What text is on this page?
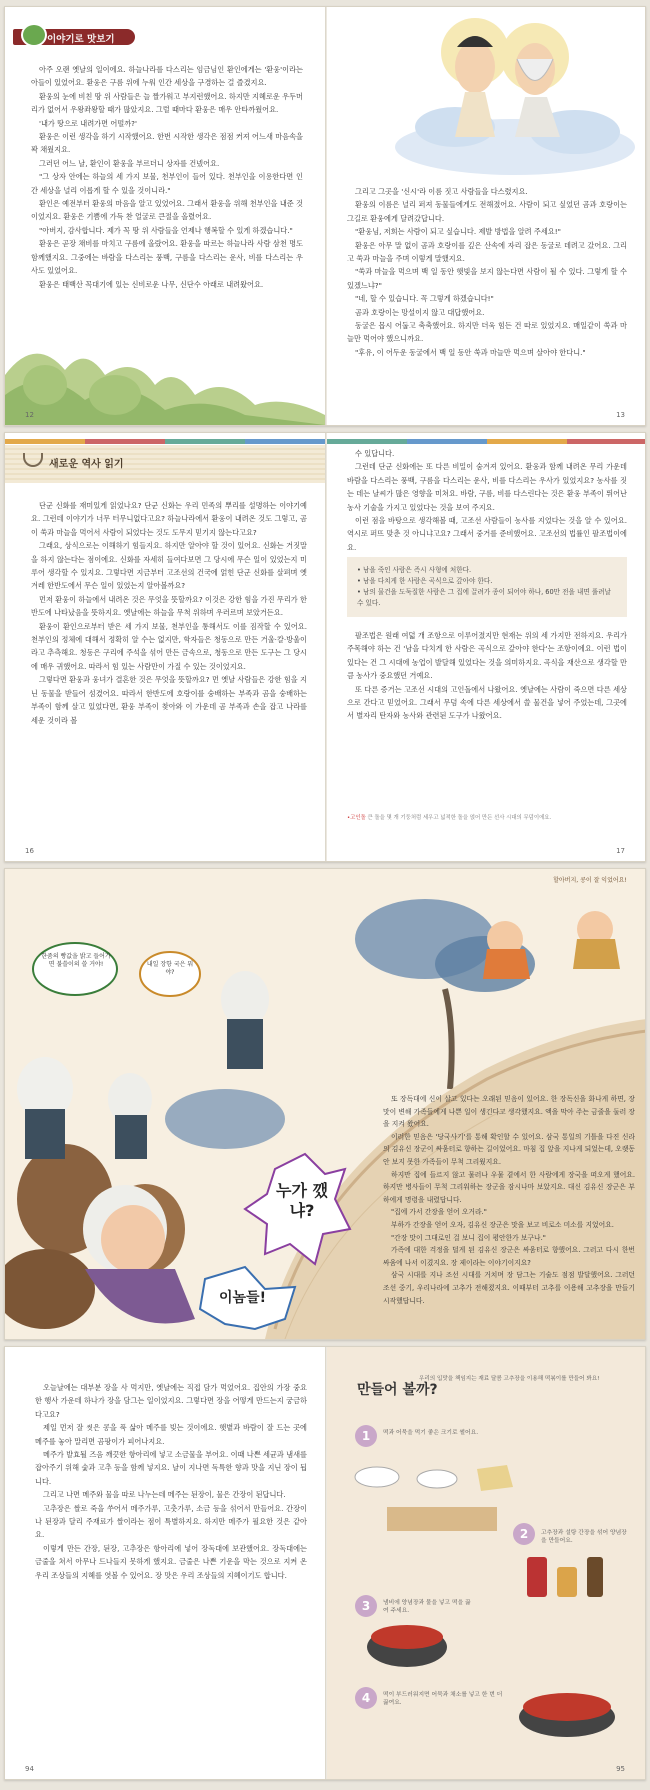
이야기로 맛보기

아주 오랜 옛날의 일이에요. 하늘나라를 다스리는 임금님인 환인에게는 '환웅'이라는 아들이 있었어요. 환웅은 구름 위에 누워 인간 세상을 구경하는 걸 즐겼지요.

환웅의 눈에 비친 땅 위 사람들은 늘 짤가워고 부지런했어요. 하지만 지혜로운 우두머리가 없어서 우왕좌왕할 때가 많았지요. 그럴 때마다 환웅은 매우 안타까웠어요.

'내가 땅으로 내려가면 어떨까?'

환웅은 이런 생각을 하기 시작했어요. 한번 시작한 생각은 점점 커져 어느새 마음속을 꽉 채웠지요.

그러던 어느 날, 환인이 환웅을 부르더니 상자를 건넸어요.

"그 상자 안에는 하늘의 세 가지 보물, 천부인이 들어 있다. 천부인을 이용한다면 인간 세상을 널리 이롭게 할 수 있을 것이니라."

환인은 예전부터 환웅의 마음을 알고 있었어요. 그래서 환웅을 위해 천부인을 내준 것이었지요. 환웅은 기쁨에 가득 찬 얼굴로 큰절을 올렸어요.

"아버지, 감사합니다. 제가 꼭 땅 위 사람들을 언제나 행복할 수 있게 하겠습니다."

환웅은 곧장 채비를 마치고 구름에 올랐어요. 환웅을 따르는 하늘나라 사람 삼천 명도 함께했지요. 그중에는 바람을 다스리는 풍백, 구름을 다스리는 운사, 비를 다스리는 우사도 있었어요.

환웅은 태백산 꼭대기에 있는 신비로운 나무, 신단수 아래로 내려왔어요.

그리고 그곳을 '신시'라 이름 짓고 사람들을 다스렸지요.

환웅의 이름은 널리 퍼져 동물들에게도 전해졌어요. 사람이 되고 싶었던 곰과 호랑이는 그길로 환웅에게 달려갔답니다.

"환웅님, 저희는 사람이 되고 싶습니다. 제발 방법을 알려 주세요!"

환웅은 아무 말 없이 곰과 호랑이를 깊은 산속에 자리 잡은 동굴로 데려고 갔어요. 그리고 쑥과 마늘을 주며 이렇게 말했지요.

"쑥과 마늘을 먹으며 백 일 동안 햇빛을 보지 않는다면 사람이 될 수 있다. 그렇게 할 수 있겠느냐?"

"네, 할 수 있습니다. 꼭 그렇게 하겠습니다!"

곰과 호랑이는 망설이지 않고 대답했어요.

동굴은 몹시 어둡고 축축했어요. 하지만 더욱 힘든 건 따로 있었지요. 매일같이 쑥과 마늘만 먹어야 했으니까요.

"후유, 이 어두운 동굴에서 백 일 동안 쑥과 마늘만 먹으며 살아야 한다니."

12	13
새로운 역사 읽기

단군 신화를 재미있게 읽었나요? 단군 신화는 우리 민족의 뿌리를 설명하는 이야기예요. 그런데 이야기가 너무 터무니없다고요? 하늘나라에서 환웅이 내려온 것도 그렇고, 곰이 쑥과 마늘을 먹어서 사람이 되었다는 것도 도무지 믿기지 않는다고요?

그래요, 상식으로는 이해하기 힘들지요. 하지만 알아야 할 것이 있어요. 신화는 거짓말을 하지 않는다는 점이에요. 신화를 자세히 들여다보면 그 당시에 무슨 일이 있었는지 미루어 생각할 수 있지요. 그렇다면 지금부터 고조선의 건국에 얽힌 단군 신화를 살펴며 옛 겨레 한반도에서 무슨 일이 있었는지 알아볼까요?

먼저 환웅이 하늘에서 내려온 것은 무엇을 뜻할까요? 이것은 강한 힘을 가진 무리가 한반도에 나타났음을 뜻하지요. 옛날에는 하늘을 무척 위하며 우러르며 보았거든요.

환웅이 환인으로부터 받은 세 가지 보물, 천부인을 통해서도 이를 짐작할 수 있어요. 천부인의 정체에 대해서 정확히 알 수는 없지만, 학자들은 청동으로 만든 거울·칼·방울이라고 추측해요. 청동은 구리에 주석을 섞어 만든 금속으로, 청동으로 만든 도구는 그 당시에 매우 귀했어요. 따라서 힘 있는 사람만이 가질 수 있는 것이었지요.

그렇다면 환웅과 웅녀가 결혼한 것은 무엇을 뜻할까요? 먼 옛날 사람들은 강한 힘을 지닌 동물을 받들어 섬겼어요. 따라서 한반도에 호랑이를 숭배하는 부족과 곰을 숭배하는 부족이 함께 살고 있었다면, 환웅 부족이 찾아와 이 가운데 곰 부족과 손을 잡고 나라를 세운 것이라 볼

수 있답니다.

그런데 단군 신화에는 또 다른 비밀이 숨겨져 있어요. 환웅과 함께 내려온 무리 가운데 바람을 다스리는 풍백, 구름을 다스리는 운사, 비를 다스리는 우사가 있었지요? 농사를 짓는 데는 날씨가 많은 영향을 미쳐요. 바람, 구름, 비를 다스린다는 것은 환웅 부족이 뛰어난 농사 기술을 가지고 있었다는 것을 보여 주지요.

이런 점을 바탕으로 생각해볼 때, 고조선 사람들이 농사를 지었다는 것을 알 수 있어요. 역시로 퍼뜨 맞춘 것 아니냐고요? 그래서 중거를 준비했어요. 고조선의 법률인 팔조법이에요.

• 남을 죽인 사람은 즉시 사형에 처한다.
• 남을 다치게 한 사람은 곡식으로 갚아야 한다.
• 남의 물건을 도둑질한 사람은 그 집에 끌려가 종이 되어야 하나, 60만 전을 내면 풀려날 수 있다.

팔조법은 원래 여덟 개 조항으로 이루어졌지만 현재는 위의 세 가지만 전하지요. 우리가 주목해야 하는 건 '남을 다치게 한 사람은 곡식으로 갚아야 한다'는 조항이에요. 이런 법이 있다는 건 그 시대에 농업이 발달해 있었다는 것을 의미하지요. 곡식을 재산으로 생각할 만큼 농사가 중요했던 거예요.

또 다른 증거는 고조선 시대의 고인돌에서 나왔어요. 옛날에는 사람이 죽으면 다른 세상으로 간다고 믿었어요. 그래서 무덤 속에 다른 세상에서 쓸 물건을 넣어 주었는데, 그곳에서 별자리 탄자와 농사와 관련된 도구가 나왔어요.

•고인돌 큰 돌을 몇 개 기둥처럼 세우고 넓적한 돌을 얹어 만든 선사 시대의 무덤이에요.
16	17
한줌의 빵값을 밝고 들어가면 불쓸이의 쓸 거야!	내일 장항 국은 뭐야?
할아버지, 콩이 잘 익었어요!
누가 깼냐?
이놈들!

또 장독대에 신이 살고 있다는 오래된 믿음이 있어요. 한 장독신을 화나게 하면, 장맛이 변해 가족들에게 나쁜 일이 생긴다고 생각했지요. 액을 막아 주는 금줄을 둘러 장을 지켜 왔어요.

이러한 믿음은 '당국사기'를 통해 확인할 수 있어요. 삼국 통일의 기틀을 다진 신라의 김유신 장군이 싸움터로 향하는 길이었어요. 마침 집 앞을 지나게 되었는데, 오랫동안 보지 못한 가족들이 무척 그리웠지요.

하지만 집에 들르지 않고 물러나 우물 곁에서 한 사람에게 장국을 떠오게 했어요. 하지만 병사들이 무척 그리워하는 장군을 잠시나마 보았지요. 대신 김유신 장군은 부하에게 명령을 내렸답니다.

"집에 가서 간장을 얻어 오거라."

부하가 간장을 얻어 오자, 김유신 장군은 맛을 보고 비로소 미소를 지었어요.

"간장 맛이 그대로인 걸 보니 집이 평안한가 보구나."

가족에 대한 걱정을 덜게 된 김유신 장군은 싸움터로 향했어요. 그러고 다시 한번 싸움에 나서 이겼지요. 장 제이라는 이야기이지요?

삼국 시대를 지나 조선 시대를 거치며 장 담그는 기술도 점점 발달했어요. 그러던 조선 중기, 우리나라에 고추가 전해졌지요. 이때부터 고추를 이용해 고추장을 만들기 시작했답니다.

오늘날에는 대부분 장을 사 먹지만, 옛날에는 직접 담가 먹었어요. 집안의 가장 중요한 행사 가운데 하나가 장을 담그는 일이었지요. 그렇다면 장을 어떻게 만드는지 궁금하다고요?

제일 먼저 잘 씻은 콩을 푹 삶아 메주를 빚는 것이에요. 햇볕과 바람이 잘 드는 곳에 메주를 놓아 말리면 곰팡이가 피어나지요.

메주가 발효될 즈음 깨끗한 항아리에 넣고 소금물을 부어요. 이때 나쁜 세균과 냄새를 잡아주기 위해 숯과 고추 등을 함께 넣지요. 날이 지나면 독특한 향과 맛을 지닌 장이 됩니다.

그리고 나면 메주와 물을 따로 나누는데 메주는 된장이, 물은 간장이 된답니다.

고추장은 쌀로 죽을 쑤어서 메주가루, 고춧가루, 소금 등을 섞어서 만들어요. 간장이나 된장과 달리 주재료가 쌀이라는 점이 특별하지요. 하지만 메주가 필요한 것은 같아요.

이렇게 만든 간장, 된장, 고추장은 항아리에 넣어 장독대에 보관했어요. 장독대에는 금줄을 쳐서 아무나 드나들지 못하게 했지요. 금줄은 나쁜 기운을 막는 것으로 지켜 온 우리 조상들의 지혜를 엿볼 수 있어요. 장 맛은 우리 조상들의 지혜이기도 합니다.

만들어 볼까?
우리의 입맛을 책임지는 재료 달콤 고추장을 이용해 떡볶이를 만들어 봐요!
1	떡과 어묵을 먹기 좋은 크기로 썰어요.
2	고추장과 설탕 간장을 섞어 양념장을 만들어요.
3	냄비에 양념장과 물을 넣고 떡을 끓여 주세요.
4	떡이 부드러워지면 어묵과 채소를 넣고 한 번 더 끓여요.
94	95
